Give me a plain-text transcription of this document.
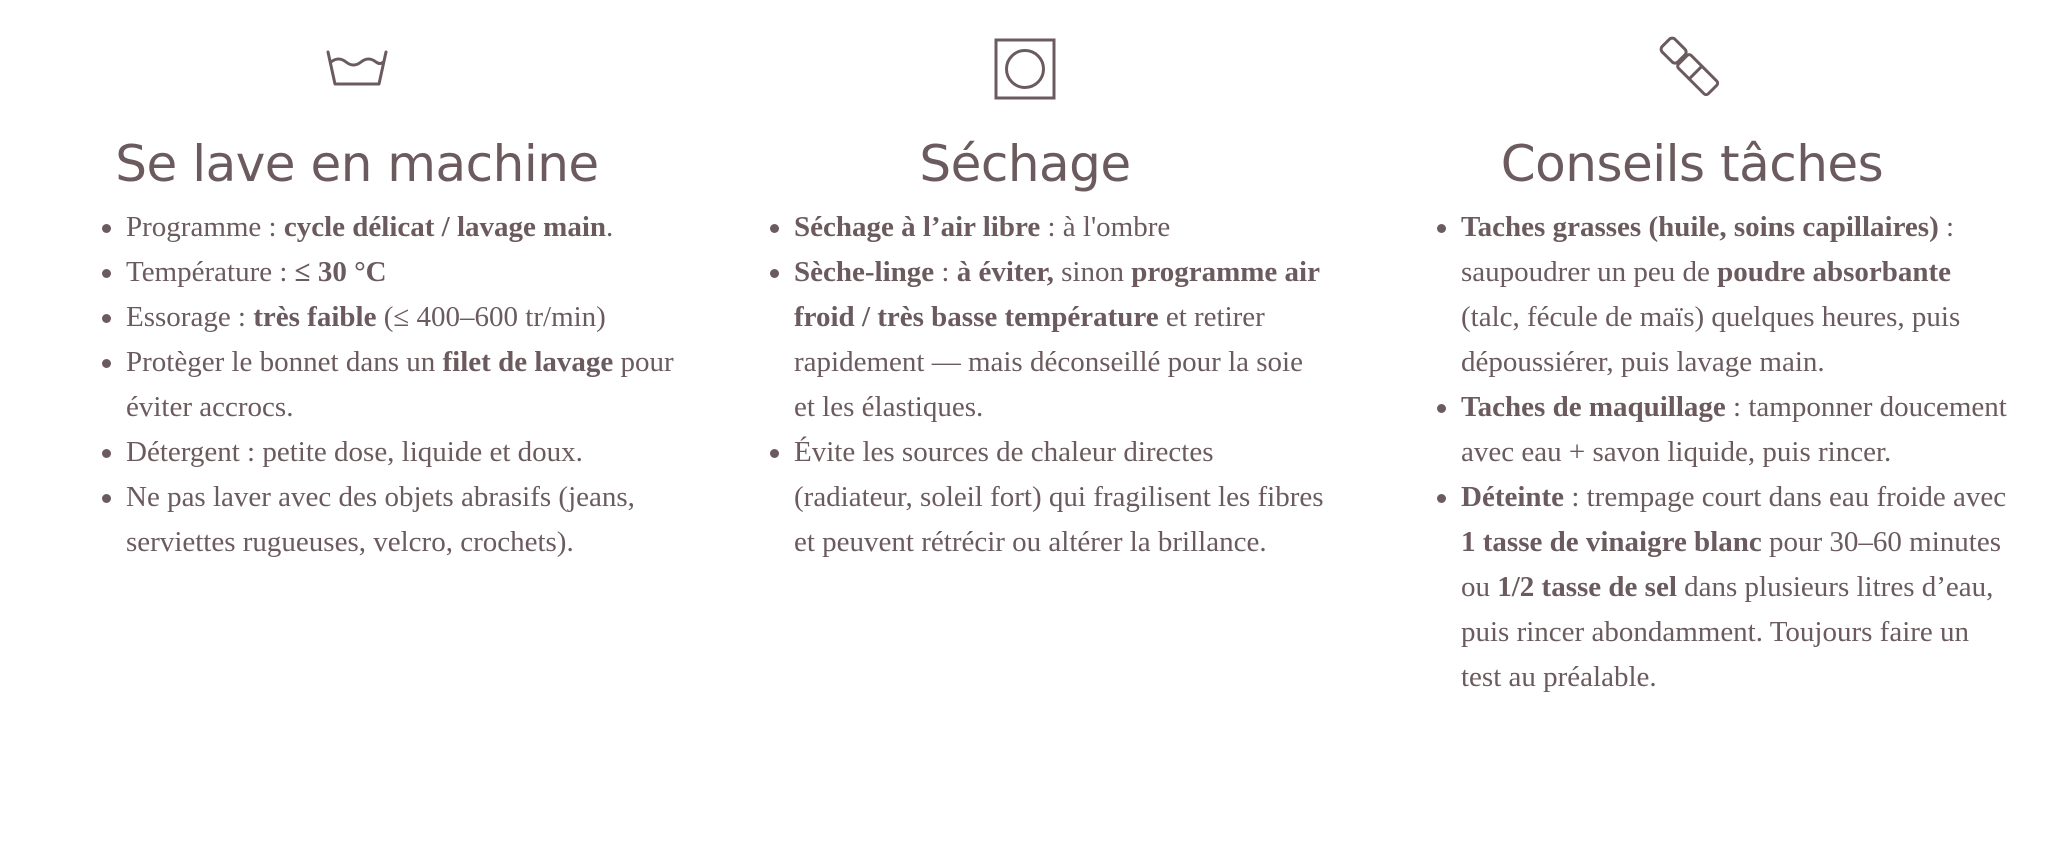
Se lave en machine
Programme : cycle délicat / lavage main.
Température : ≤ 30 °C
Essorage : très faible (≤ 400–600 tr/min)
Protèger le bonnet dans un filet de lavage pour éviter accrocs.
Détergent : petite dose, liquide et doux.
Ne pas laver avec des objets abrasifs (jeans, serviettes rugueuses, velcro, crochets).
Séchage
Séchage à l’air libre : à l'ombre
Sèche-linge : à éviter, sinon programme air froid / très basse température et retirer rapidement — mais déconseillé pour la soie et les élastiques.
Évite les sources de chaleur directes (radiateur, soleil fort) qui fragilisent les fibres et peuvent rétrécir ou altérer la brillance.
Conseils tâches
Taches grasses (huile, soins capillaires) : saupoudrer un peu de poudre absorbante (talc, fécule de maïs) quelques heures, puis dépoussiérer, puis lavage main.
Taches de maquillage : tamponner doucement avec eau + savon liquide, puis rincer.
Déteinte : trempage court dans eau froide avec 1 tasse de vinaigre blanc pour 30–60 minutes ou 1/2 tasse de sel dans plusieurs litres d’eau, puis rincer abondamment. Toujours faire un test au préalable.
